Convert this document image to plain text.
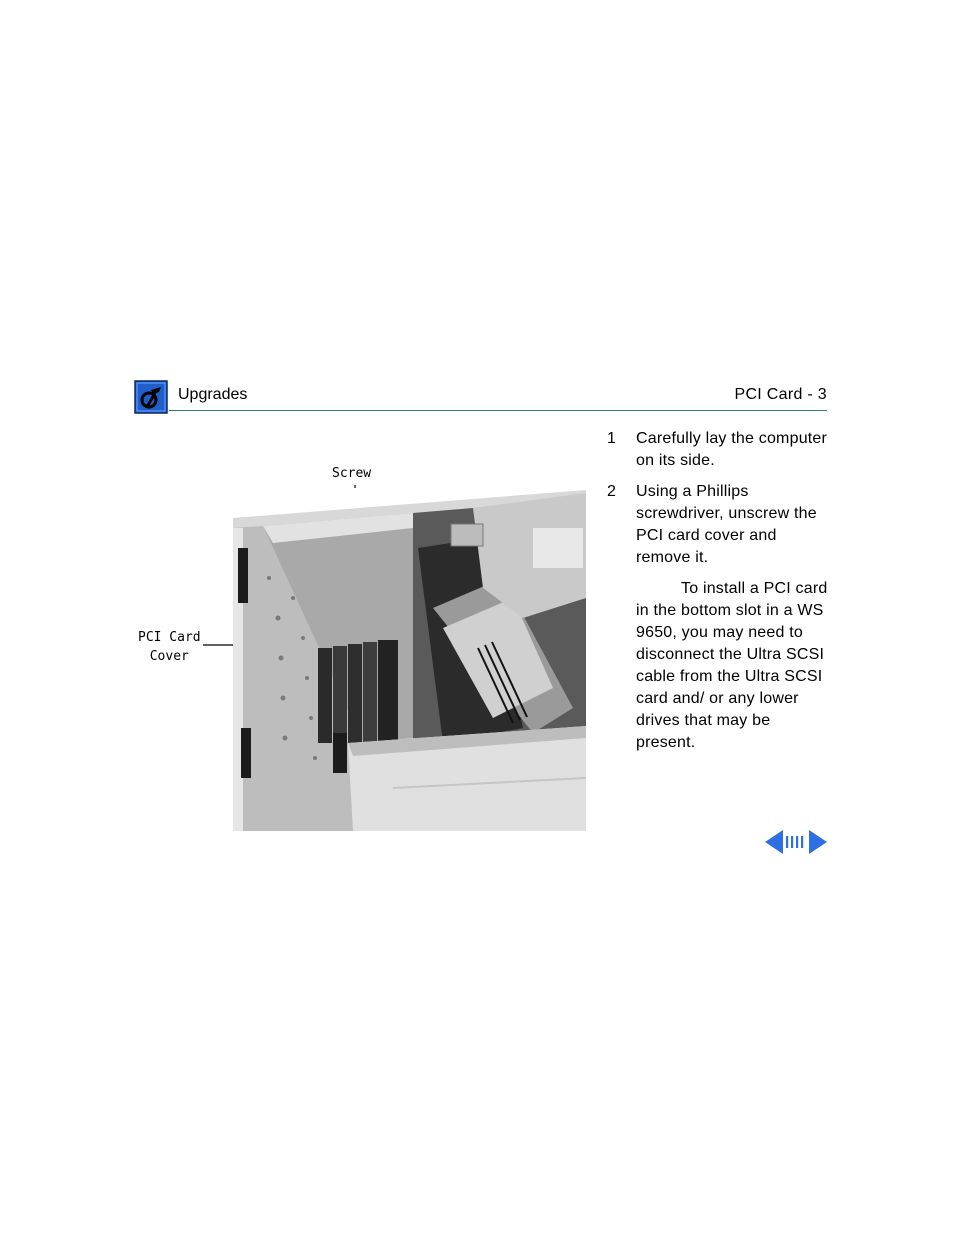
Upgrades	PCI Card - 3
Screw
PCI Card
Cover
1 Carefully lay the computer on its side.
2 Using a Phillips screwdriver, unscrew the PCI card cover and remove it.
To install a PCI card in the bottom slot in a WS 9650, you may need to disconnect the Ultra SCSI cable from the Ultra SCSI card and/ or any lower drives that may be present.
